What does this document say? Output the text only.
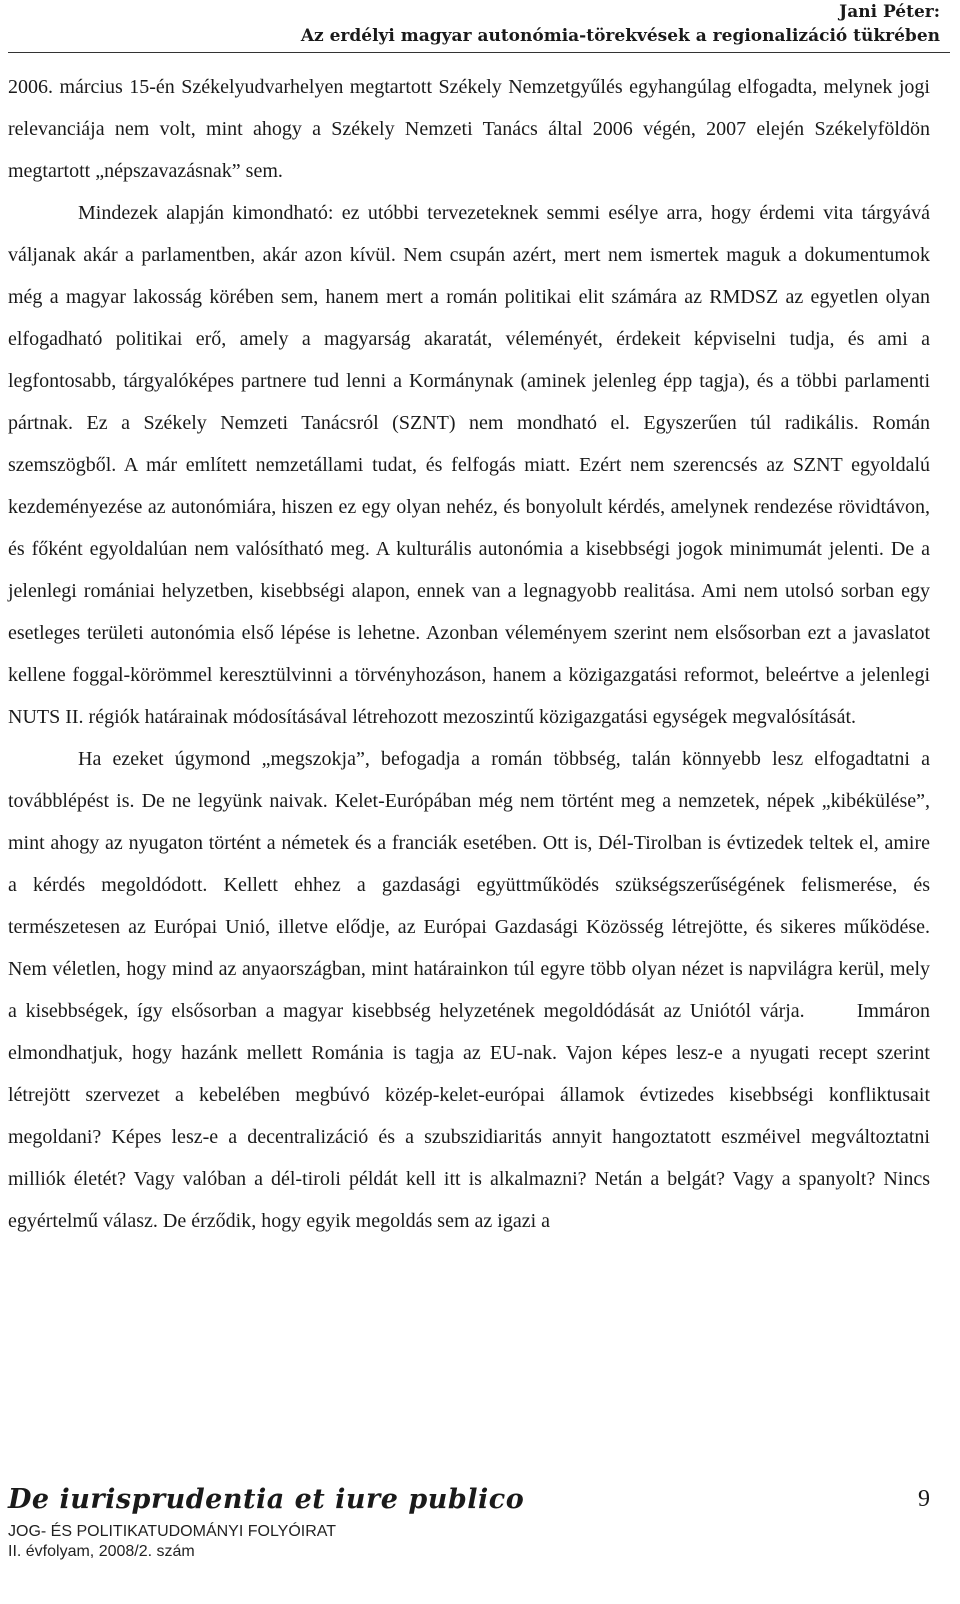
Jani Péter:
Az erdélyi magyar autonómia-törekvések a regionalizáció tükrében

2006. március 15-én Székelyudvarhelyen megtartott Székely Nemzetgyűlés egyhangúlag elfogadta, melynek jogi relevanciája nem volt, mint ahogy a Székely Nemzeti Tanács által 2006 végén, 2007 elején Székelyföldön megtartott „népszavazásnak” sem.

Mindezek alapján kimondható: ez utóbbi tervezeteknek semmi esélye arra, hogy érdemi vita tárgyává váljanak akár a parlamentben, akár azon kívül. Nem csupán azért, mert nem ismertek maguk a dokumentumok még a magyar lakosság körében sem, hanem mert a román politikai elit számára az RMDSZ az egyetlen olyan elfogadható politikai erő, amely a magyarság akaratát, véleményét, érdekeit képviselni tudja, és ami a legfontosabb, tárgyalóképes partnere tud lenni a Kormánynak (aminek jelenleg épp tagja), és a többi parlamenti pártnak. Ez a Székely Nemzeti Tanácsról (SZNT) nem mondható el. Egyszerűen túl radikális. Román szemszögből. A már említett nemzetállami tudat, és felfogás miatt. Ezért nem szerencsés az SZNT egyoldalú kezdeményezése az autonómiára, hiszen ez egy olyan nehéz, és bonyolult kérdés, amelynek rendezése rövidtávon, és főként egyoldalúan nem valósítható meg. A kulturális autonómia a kisebbségi jogok minimumát jelenti. De a jelenlegi romániai helyzetben, kisebbségi alapon, ennek van a legnagyobb realitása. Ami nem utolsó sorban egy esetleges területi autonómia első lépése is lehetne. Azonban véleményem szerint nem elsősorban ezt a javaslatot kellene foggal-körömmel keresztülvinni a törvényhozáson, hanem a közigazgatási reformot, beleértve a jelenlegi NUTS II. régiók határainak módosításával létrehozott mezoszintű közigazgatási egységek megvalósítását.

Ha ezeket úgymond „megszokja”, befogadja a román többség, talán könnyebb lesz elfogadtatni a továbblépést is. De ne legyünk naivak. Kelet-Európában még nem történt meg a nemzetek, népek „kibékülése”, mint ahogy az nyugaton történt a németek és a franciák esetében. Ott is, Dél-Tirolban is évtizedek teltek el, amire a kérdés megoldódott. Kellett ehhez a gazdasági együttműködés szükségszerűségének felismerése, és természetesen az Európai Unió, illetve elődje, az Európai Gazdasági Közösség létrejötte, és sikeres működése. Nem véletlen, hogy mind az anyaországban, mint határainkon túl egyre több olyan nézet is napvilágra kerül, mely a kisebbségek, így elsősorban a magyar kisebbség helyzetének megoldódását az Uniótól várja.	Immáron elmondhatjuk, hogy hazánk mellett Románia is tagja az EU-nak. Vajon képes lesz-e a nyugati recept szerint létrejött szervezet a kebelében megbúvó közép-kelet-európai államok évtizedes kisebbségi konfliktusait megoldani? Képes lesz-e a decentralizáció és a szubszidiaritás annyit hangoztatott eszméivel megváltoztatni milliók életét? Vagy valóban a dél-tiroli példát kell itt is alkalmazni? Netán a belgát? Vagy a spanyolt? Nincs egyértelmű válasz. De érződik, hogy egyik megoldás sem az igazi a

De iurisprudentia et iure publico
JOG- ÉS POLITIKATUDOMÁNYI FOLYÓIRAT
II. évfolyam, 2008/2. szám
9
